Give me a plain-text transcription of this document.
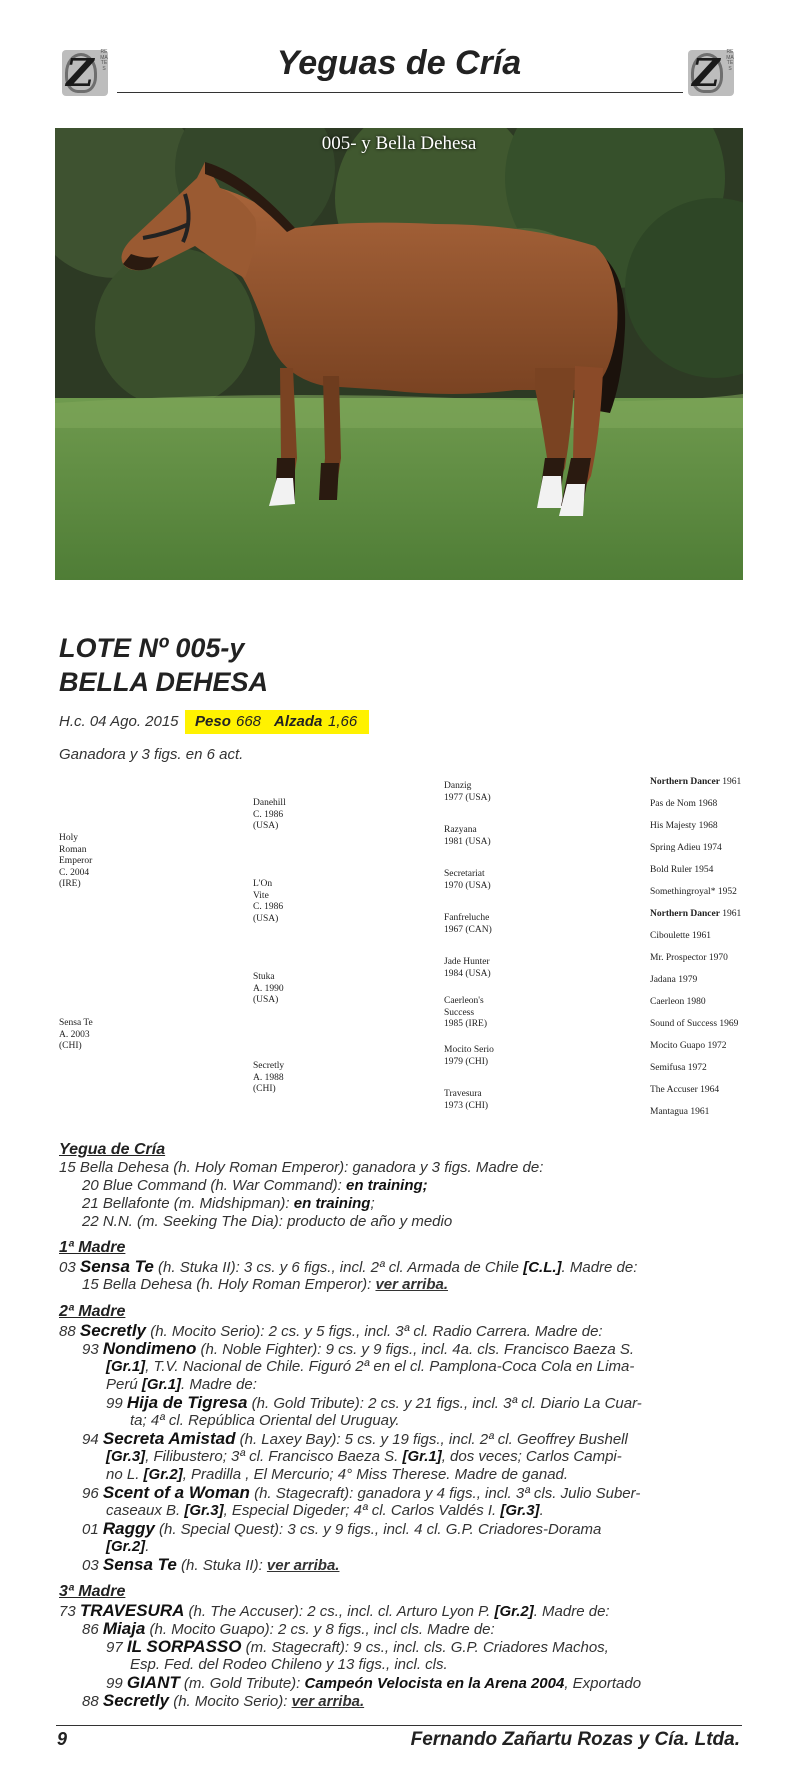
Z	REMATES	Yeguas de Cría	Z	REMATES
005- y Bella Dehesa
LOTE Nº 005-y
BELLA DEHESA
H.c. 04 Ago. 2015 Peso 668 Alzada 1,66
Ganadora y 3 figs. en 6 act.
Holy
Roman
Emperor
C. 2004
(IRE)
Sensa Te
A. 2003
(CHI)
Danehill
C. 1986
(USA)
L'On
Vite
C. 1986
(USA)
Stuka
A. 1990
(USA)
Secretly
A. 1988
(CHI)
Danzig
1977 (USA)
Razyana
1981 (USA)
Secretariat
1970 (USA)
Fanfreluche
1967 (CAN)
Jade Hunter
1984 (USA)
Caerleon's
Success
1985 (IRE)
Mocito Serio
1979 (CHI)
Travesura
1973 (CHI)
Northern Dancer 1961
Pas de Nom 1968
His Majesty 1968
Spring Adieu 1974
Bold Ruler 1954
Somethingroyal* 1952
Northern Dancer 1961
Ciboulette 1961
Mr. Prospector 1970
Jadana 1979
Caerleon 1980
Sound of Success 1969
Mocito Guapo 1972
Semifusa 1972
The Accuser 1964
Mantagua 1961
Yegua de Cría
15 Bella Dehesa (h. Holy Roman Emperor): ganadora y 3 figs. Madre de:
20 Blue Command (h. War Command): en training;
21 Bellafonte (m. Midshipman): en training;
22 N.N. (m. Seeking The Dia): producto de año y medio
1ª Madre
03 Sensa Te (h. Stuka II): 3 cs. y 6 figs., incl. 2ª cl. Armada de Chile [C.L.]. Madre de:
15 Bella Dehesa (h. Holy Roman Emperor): ver arriba.
2ª Madre
88 Secretly (h. Mocito Serio): 2 cs. y 5 figs., incl. 3ª cl. Radio Carrera. Madre de:
93 Nondimeno (h. Noble Fighter): 9 cs. y 9 figs., incl. 4a. cls. Francisco Baeza S.
[Gr.1], T.V. Nacional de Chile. Figuró 2ª en el cl. Pamplona-Coca Cola en Lima-
Perú [Gr.1]. Madre de:
99 Hija de Tigresa (h. Gold Tribute): 2 cs. y 21 figs., incl. 3ª cl. Diario La Cuar-
ta; 4ª cl. República Oriental del Uruguay.
94 Secreta Amistad (h. Laxey Bay): 5 cs. y 19 figs., incl. 2ª cl. Geoffrey Bushell
[Gr.3], Filibustero; 3ª cl. Francisco Baeza S. [Gr.1], dos veces; Carlos Campi-
no L. [Gr.2], Pradilla , El Mercurio; 4° Miss Therese. Madre de ganad.
96 Scent of a Woman (h. Stagecraft): ganadora y 4 figs., incl. 3ª cls. Julio Suber-
caseaux B. [Gr.3], Especial Digeder; 4ª cl. Carlos Valdés I. [Gr.3].
01 Raggy (h. Special Quest): 3 cs. y 9 figs., incl. 4 cl. G.P. Criadores-Dorama
[Gr.2].
03 Sensa Te (h. Stuka II): ver arriba.
3ª Madre
73 TRAVESURA (h. The Accuser): 2 cs., incl. cl. Arturo Lyon P. [Gr.2]. Madre de:
86 Miaja (h. Mocito Guapo): 2 cs. y 8 figs., incl cls. Madre de:
97 IL SORPASSO (m. Stagecraft): 9 cs., incl. cls. G.P. Criadores Machos,
Esp. Fed. del Rodeo Chileno y 13 figs., incl. cls.
99 GIANT (m. Gold Tribute): Campeón Velocista en la Arena 2004, Exportado
88 Secretly (h. Mocito Serio): ver arriba.
9	Fernando Zañartu Rozas y Cía. Ltda.
